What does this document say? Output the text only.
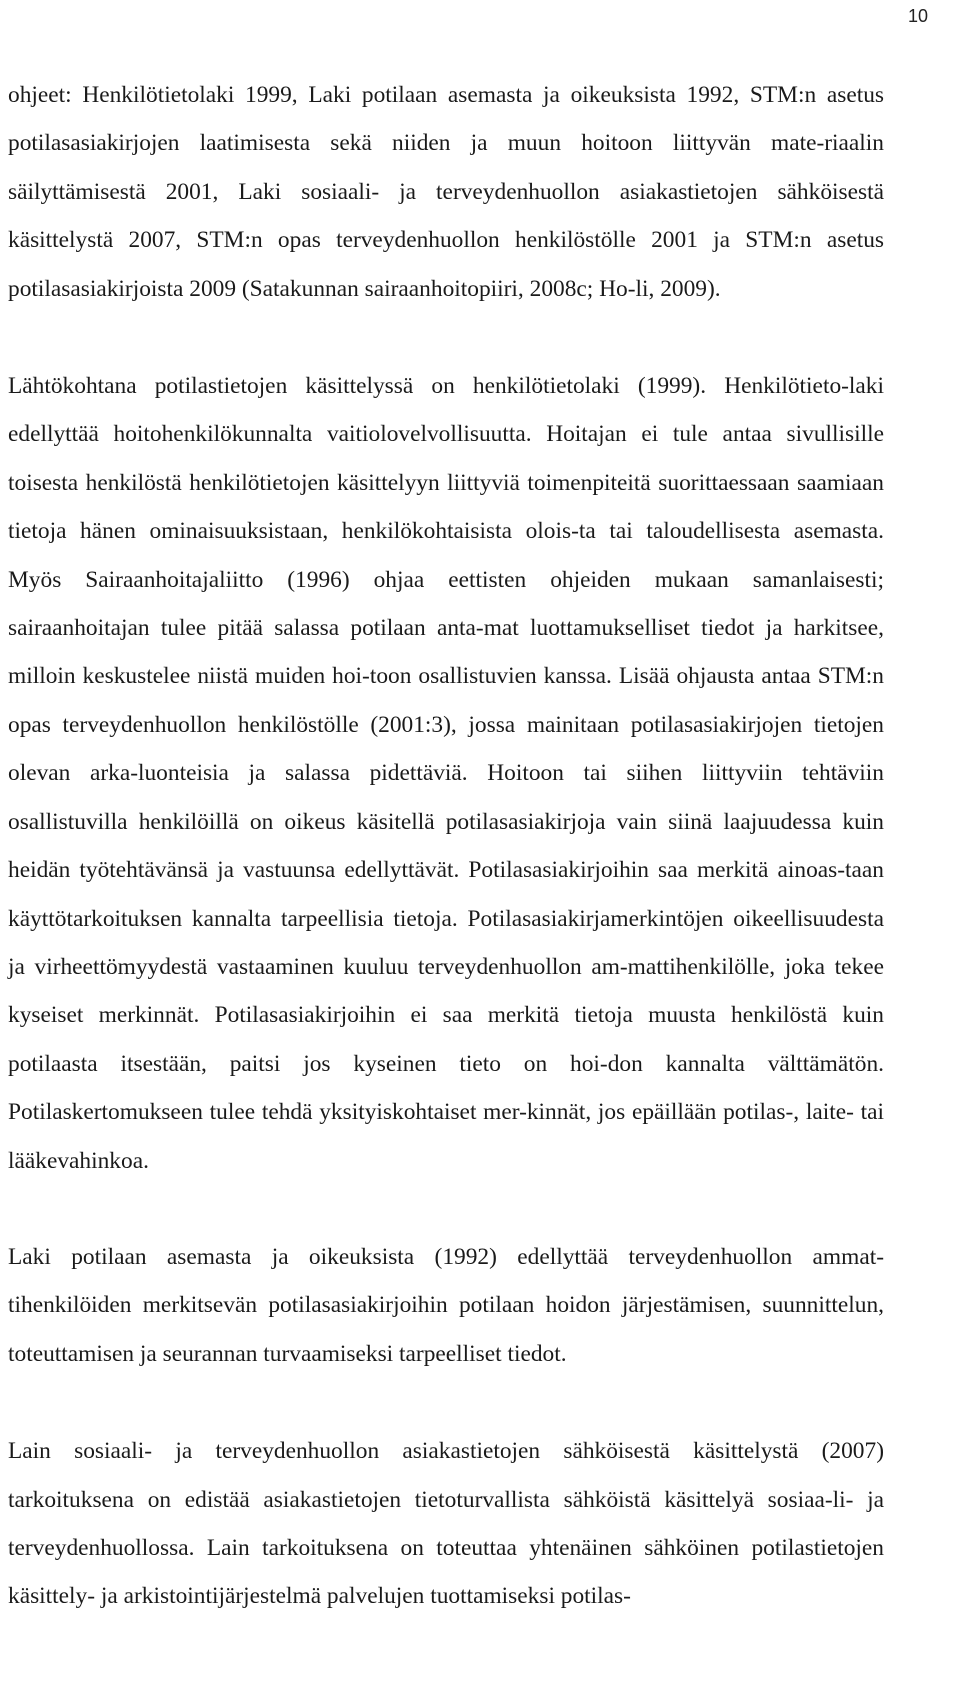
10

ohjeet: Henkilötietolaki 1999, Laki potilaan asemasta ja oikeuksista 1992, STM:n asetus potilasasiakirjojen laatimisesta sekä niiden ja muun hoitoon liittyvän mate-riaalin säilyttämisestä 2001, Laki sosiaali- ja terveydenhuollon asiakastietojen sähköisestä käsittelystä 2007, STM:n opas terveydenhuollon henkilöstölle 2001 ja STM:n asetus potilasasiakirjoista 2009 (Satakunnan sairaanhoitopiiri, 2008c; Ho-li, 2009).

Lähtökohtana potilastietojen käsittelyssä on henkilötietolaki (1999). Henkilötieto-laki edellyttää hoitohenkilökunnalta vaitiolovelvollisuutta. Hoitajan ei tule antaa sivullisille toisesta henkilöstä henkilötietojen käsittelyyn liittyviä toimenpiteitä suorittaessaan saamiaan tietoja hänen ominaisuuksistaan, henkilökohtaisista olois-ta tai taloudellisesta asemasta. Myös Sairaanhoitajaliitto (1996) ohjaa eettisten ohjeiden mukaan samanlaisesti; sairaanhoitajan tulee pitää salassa potilaan anta-mat luottamukselliset tiedot ja harkitsee, milloin keskustelee niistä muiden hoi-toon osallistuvien kanssa. Lisää ohjausta antaa STM:n opas terveydenhuollon henkilöstölle (2001:3), jossa mainitaan potilasasiakirjojen tietojen olevan arka-luonteisia ja salassa pidettäviä. Hoitoon tai siihen liittyviin tehtäviin osallistuvilla henkilöillä on oikeus käsitellä potilasasiakirjoja vain siinä laajuudessa kuin heidän työtehtävänsä ja vastuunsa edellyttävät. Potilasasiakirjoihin saa merkitä ainoas-taan käyttötarkoituksen kannalta tarpeellisia tietoja. Potilasasiakirjamerkintöjen oikeellisuudesta ja virheettömyydestä vastaaminen kuuluu terveydenhuollon am-mattihenkilölle, joka tekee kyseiset merkinnät. Potilasasiakirjoihin ei saa merkitä tietoja muusta henkilöstä kuin potilaasta itsestään, paitsi jos kyseinen tieto on hoi-don kannalta välttämätön. Potilaskertomukseen tulee tehdä yksityiskohtaiset mer-kinnät, jos epäillään potilas-, laite- tai lääkevahinkoa.

Laki potilaan asemasta ja oikeuksista (1992) edellyttää terveydenhuollon ammat-tihenkilöiden merkitsevän potilasasiakirjoihin potilaan hoidon järjestämisen, suunnittelun, toteuttamisen ja seurannan turvaamiseksi tarpeelliset tiedot.

Lain sosiaali- ja terveydenhuollon asiakastietojen sähköisestä käsittelystä (2007) tarkoituksena on edistää asiakastietojen tietoturvallista sähköistä käsittelyä sosiaa-li- ja terveydenhuollossa. Lain tarkoituksena on toteuttaa yhtenäinen sähköinen potilastietojen käsittely- ja arkistointijärjestelmä palvelujen tuottamiseksi potilas-
